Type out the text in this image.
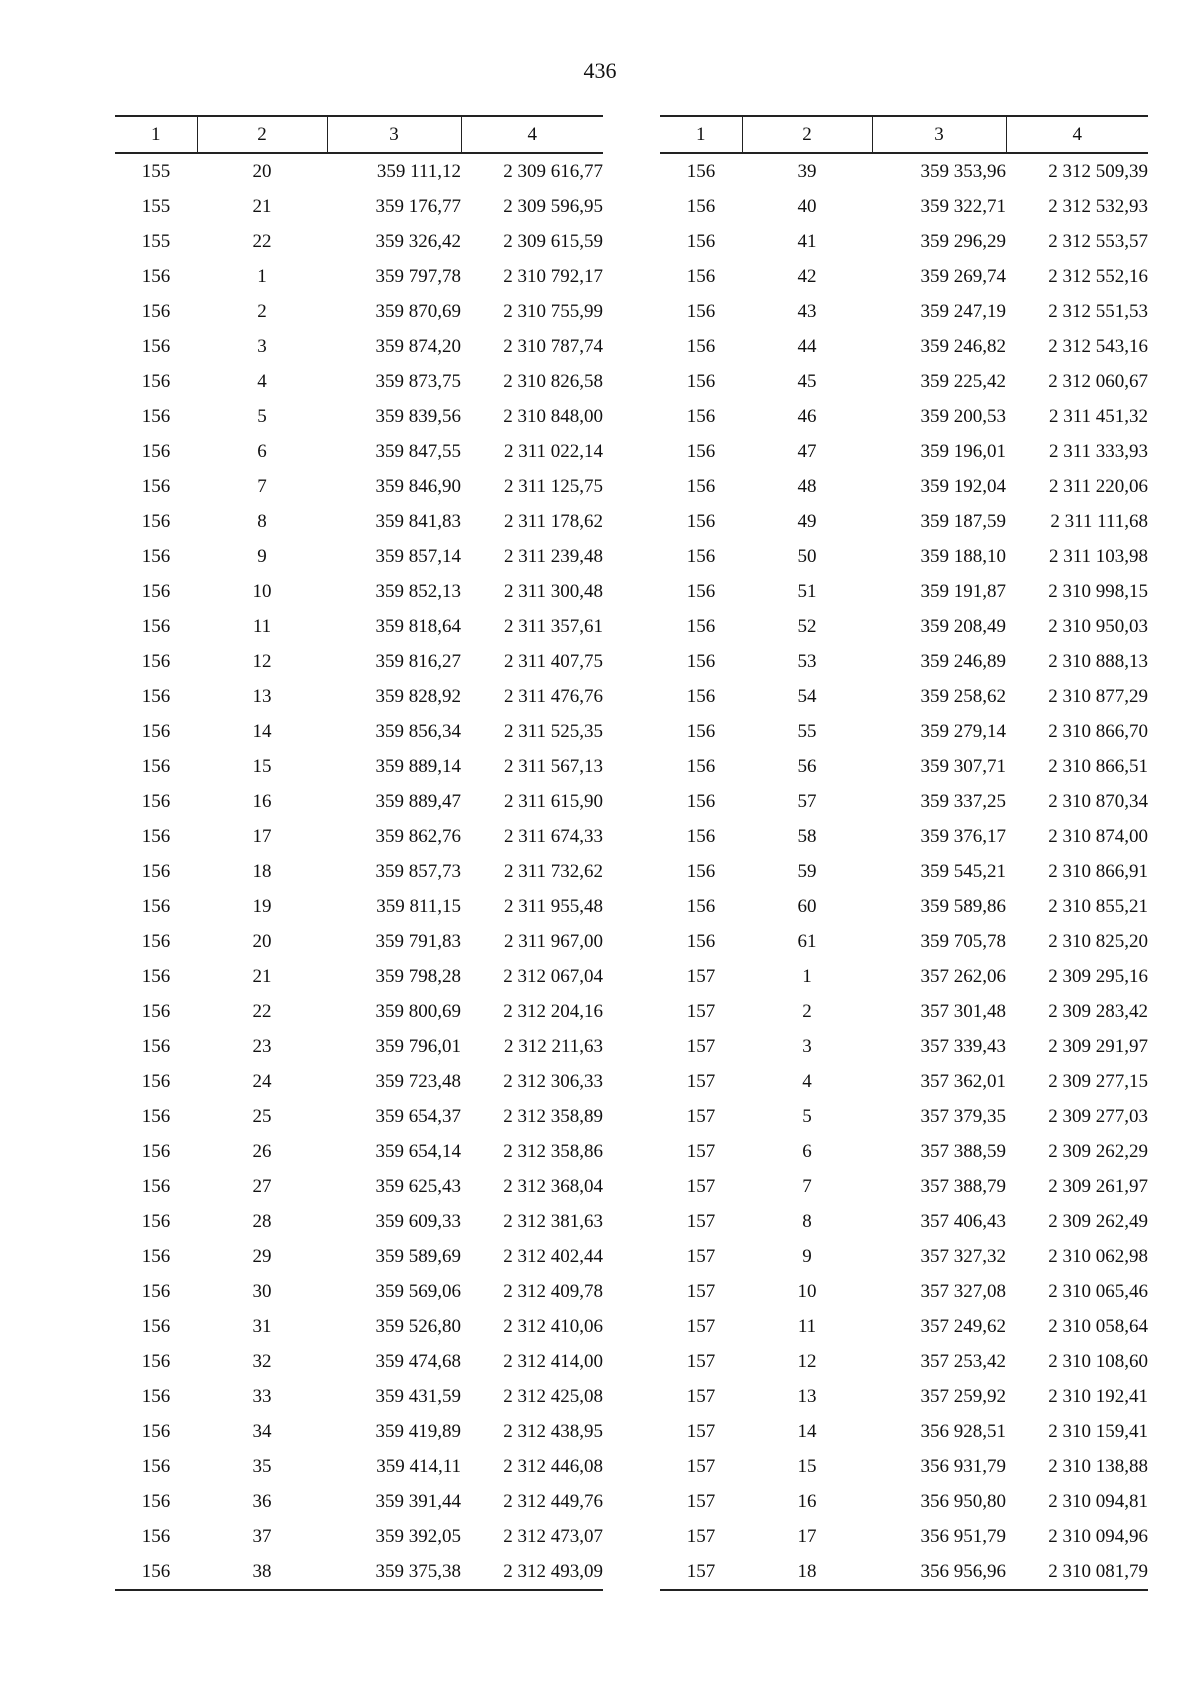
436
1	2	3	4
155	20	359 111,12	2 309 616,77
155	21	359 176,77	2 309 596,95
155	22	359 326,42	2 309 615,59
156	1	359 797,78	2 310 792,17
156	2	359 870,69	2 310 755,99
156	3	359 874,20	2 310 787,74
156	4	359 873,75	2 310 826,58
156	5	359 839,56	2 310 848,00
156	6	359 847,55	2 311 022,14
156	7	359 846,90	2 311 125,75
156	8	359 841,83	2 311 178,62
156	9	359 857,14	2 311 239,48
156	10	359 852,13	2 311 300,48
156	11	359 818,64	2 311 357,61
156	12	359 816,27	2 311 407,75
156	13	359 828,92	2 311 476,76
156	14	359 856,34	2 311 525,35
156	15	359 889,14	2 311 567,13
156	16	359 889,47	2 311 615,90
156	17	359 862,76	2 311 674,33
156	18	359 857,73	2 311 732,62
156	19	359 811,15	2 311 955,48
156	20	359 791,83	2 311 967,00
156	21	359 798,28	2 312 067,04
156	22	359 800,69	2 312 204,16
156	23	359 796,01	2 312 211,63
156	24	359 723,48	2 312 306,33
156	25	359 654,37	2 312 358,89
156	26	359 654,14	2 312 358,86
156	27	359 625,43	2 312 368,04
156	28	359 609,33	2 312 381,63
156	29	359 589,69	2 312 402,44
156	30	359 569,06	2 312 409,78
156	31	359 526,80	2 312 410,06
156	32	359 474,68	2 312 414,00
156	33	359 431,59	2 312 425,08
156	34	359 419,89	2 312 438,95
156	35	359 414,11	2 312 446,08
156	36	359 391,44	2 312 449,76
156	37	359 392,05	2 312 473,07
156	38	359 375,38	2 312 493,09
1	2	3	4
156	39	359 353,96	2 312 509,39
156	40	359 322,71	2 312 532,93
156	41	359 296,29	2 312 553,57
156	42	359 269,74	2 312 552,16
156	43	359 247,19	2 312 551,53
156	44	359 246,82	2 312 543,16
156	45	359 225,42	2 312 060,67
156	46	359 200,53	2 311 451,32
156	47	359 196,01	2 311 333,93
156	48	359 192,04	2 311 220,06
156	49	359 187,59	2 311 111,68
156	50	359 188,10	2 311 103,98
156	51	359 191,87	2 310 998,15
156	52	359 208,49	2 310 950,03
156	53	359 246,89	2 310 888,13
156	54	359 258,62	2 310 877,29
156	55	359 279,14	2 310 866,70
156	56	359 307,71	2 310 866,51
156	57	359 337,25	2 310 870,34
156	58	359 376,17	2 310 874,00
156	59	359 545,21	2 310 866,91
156	60	359 589,86	2 310 855,21
156	61	359 705,78	2 310 825,20
157	1	357 262,06	2 309 295,16
157	2	357 301,48	2 309 283,42
157	3	357 339,43	2 309 291,97
157	4	357 362,01	2 309 277,15
157	5	357 379,35	2 309 277,03
157	6	357 388,59	2 309 262,29
157	7	357 388,79	2 309 261,97
157	8	357 406,43	2 309 262,49
157	9	357 327,32	2 310 062,98
157	10	357 327,08	2 310 065,46
157	11	357 249,62	2 310 058,64
157	12	357 253,42	2 310 108,60
157	13	357 259,92	2 310 192,41
157	14	356 928,51	2 310 159,41
157	15	356 931,79	2 310 138,88
157	16	356 950,80	2 310 094,81
157	17	356 951,79	2 310 094,96
157	18	356 956,96	2 310 081,79
